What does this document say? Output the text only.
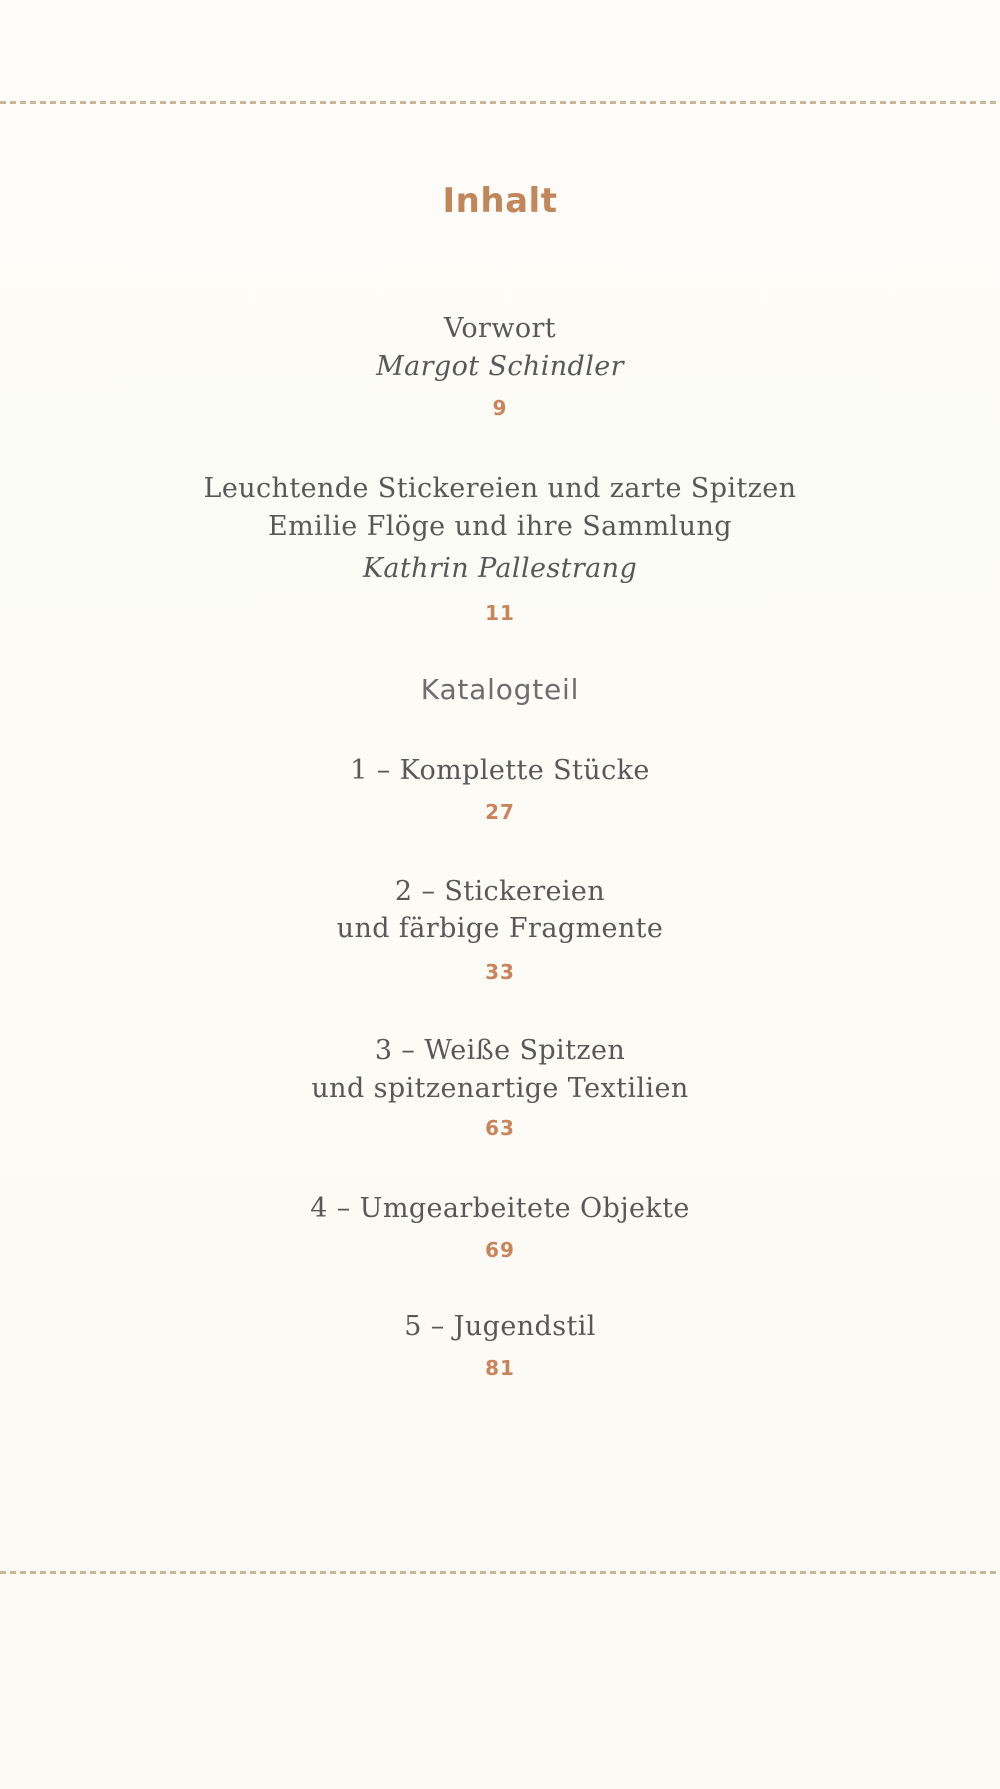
Inhalt
Vorwort
Margot Schindler
9
Leuchtende Stickereien und zarte Spitzen
Emilie Flöge und ihre Sammlung
Kathrin Pallestrang
11
Katalogteil
1 – Komplette Stücke
27
2 – Stickereien
und färbige Fragmente
33
3 – Weiße Spitzen
und spitzenartige Textilien
63
4 – Umgearbeitete Objekte
69
5 – Jugendstil
81
